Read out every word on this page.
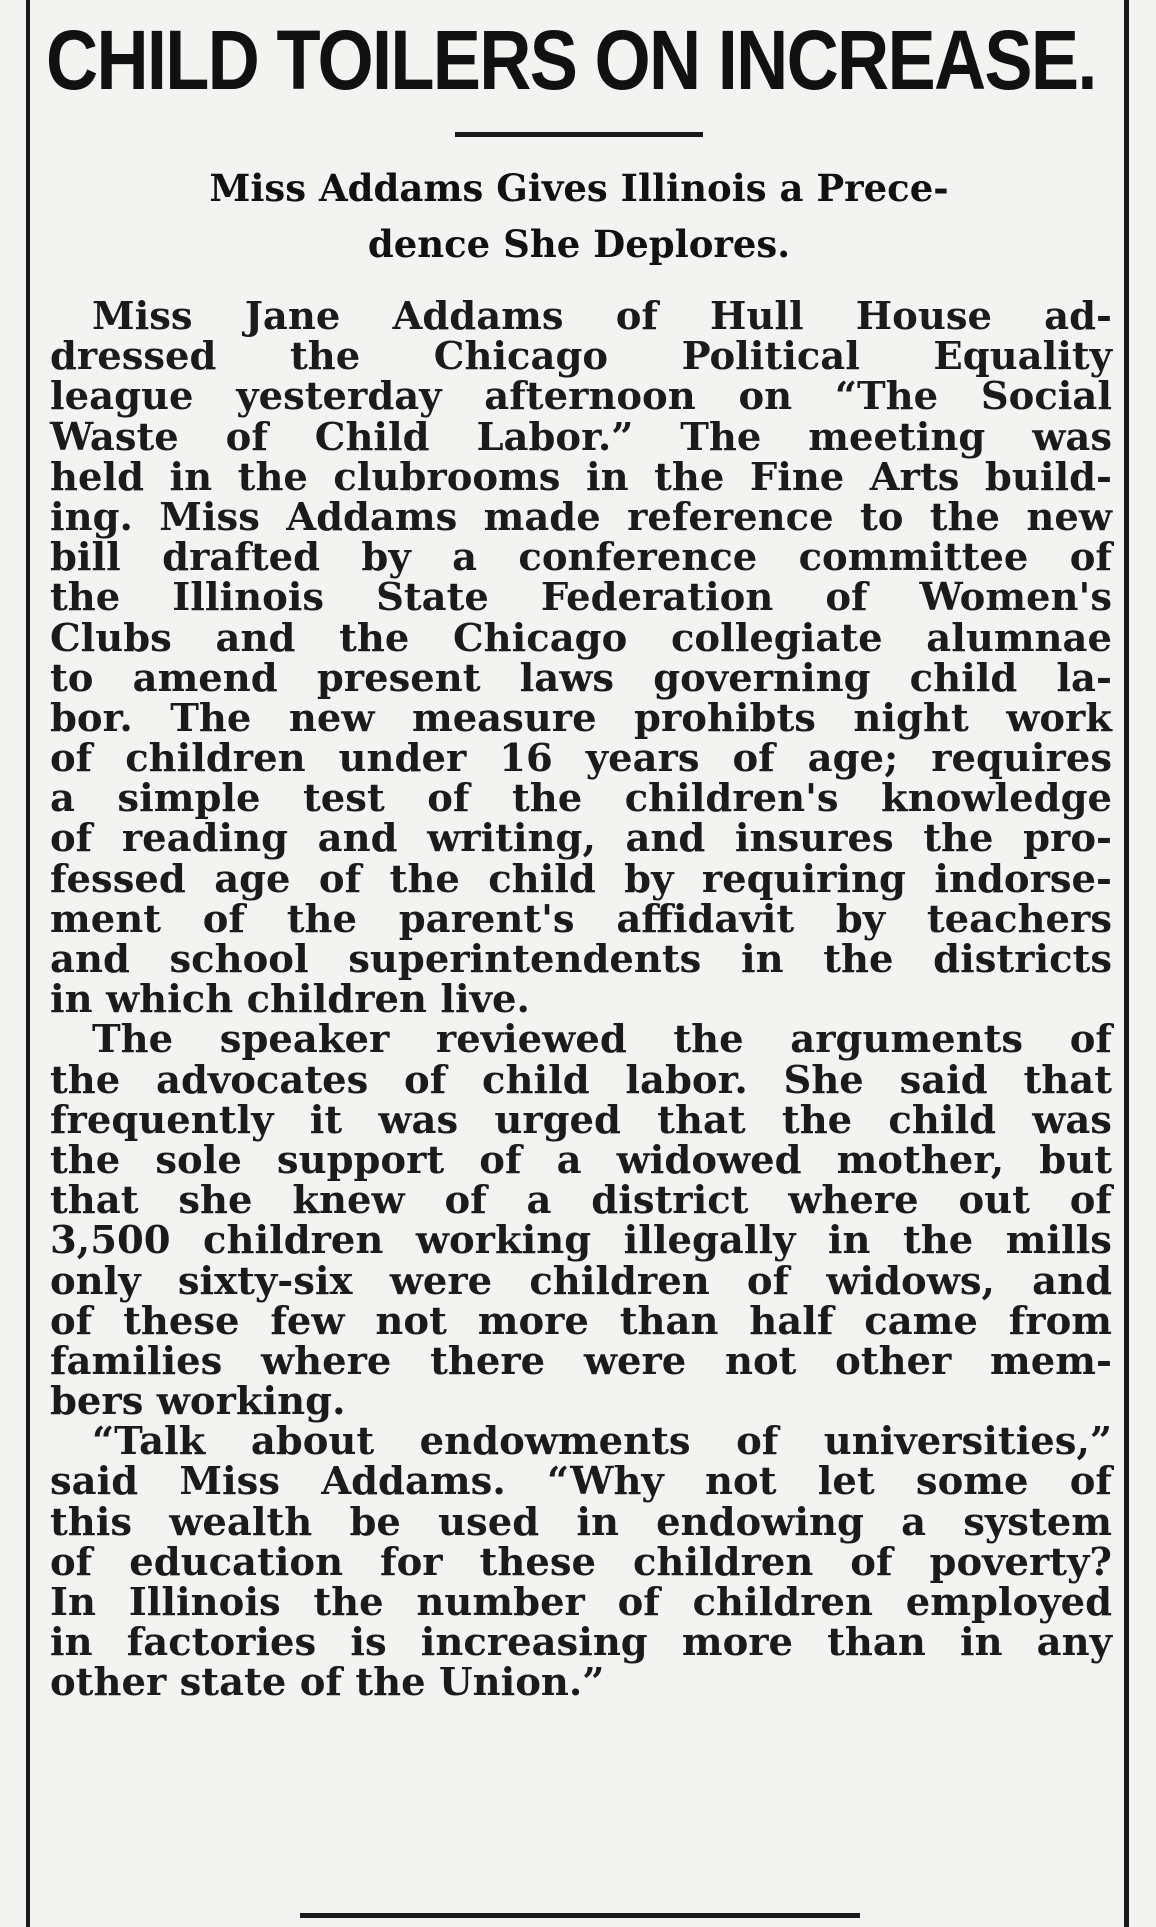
CHILD TOILERS ON INCREASE.
Miss Addams Gives Illinois a Prece-
dence She Deplores.
Miss Jane Addams of Hull House ad-
dressed the Chicago Political Equality
league yesterday afternoon on “The Social
Waste of Child Labor.” The meeting was
held in the clubrooms in the Fine Arts build-
ing. Miss Addams made reference to the new
bill drafted by a conference committee of
the Illinois State Federation of Women's
Clubs and the Chicago collegiate alumnae
to amend present laws governing child la-
bor. The new measure prohibts night work
of children under 16 years of age; requires
a simple test of the children's knowledge
of reading and writing, and insures the pro-
fessed age of the child by requiring indorse-
ment of the parent's affidavit by teachers
and school superintendents in the districts
in which children live.
The speaker reviewed the arguments of
the advocates of child labor. She said that
frequently it was urged that the child was
the sole support of a widowed mother, but
that she knew of a district where out of
3,500 children working illegally in the mills
only sixty-six were children of widows, and
of these few not more than half came from
families where there were not other mem-
bers working.
“Talk about endowments of universities,”
said Miss Addams. “Why not let some of
this wealth be used in endowing a system
of education for these children of poverty?
In Illinois the number of children employed
in factories is increasing more than in any
other state of the Union.”
